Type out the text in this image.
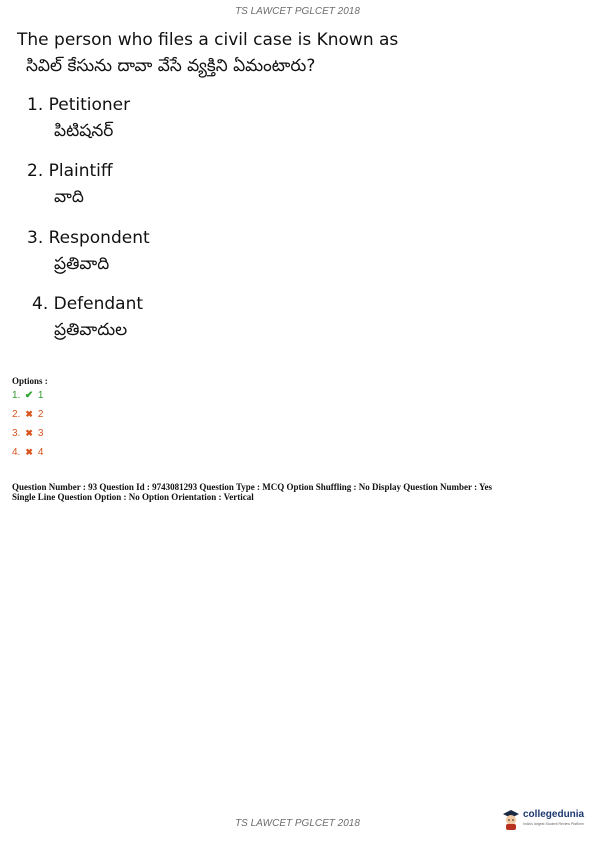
TS LAWCET PGLCET 2018
The person who files a civil case is Known as
సివిల్ కేసును దావా వేసే వ్యక్తిని ఏమంటారు?
1. Petitioner
పిటిషనర్
2. Plaintiff
వాది
3. Respondent
ప్రతివాది
4. Defendant
ప్రతివాదుల
Options :
1. ✔ 1
2. ✖ 2
3. ✖ 3
4. ✖ 4
Question Number : 93 Question Id : 9743081293 Question Type : MCQ Option Shuffling : No Display Question Number : Yes
Single Line Question Option : No Option Orientation : Vertical
TS LAWCET PGLCET 2018
collegedunia
India's largest Student Review Platform
